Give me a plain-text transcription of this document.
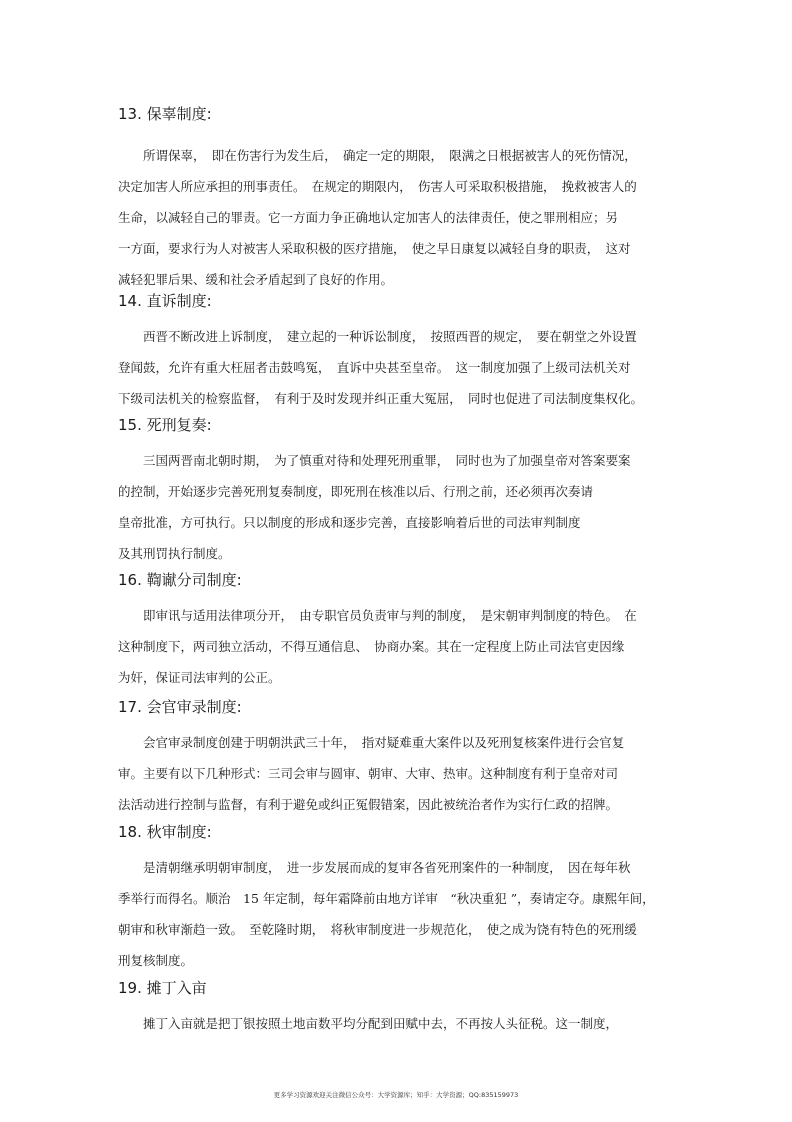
13. 保辜制度:
　　所谓保辜，　即在伤害行为发生后，　确定一定的期限，　限满之日根据被害人的死伤情况，
决定加害人所应承担的刑事责任。　在规定的期限内，　伤害人可采取积极措施，　挽救被害人的
生命，以减轻自己的罪责。它一方面力争正确地认定加害人的法律责任，使之罪刑相应；另
一方面，要求行为人对被害人采取积极的医疗措施，　使之早日康复以减轻自身的职责，　这对
减轻犯罪后果、缓和社会矛盾起到了良好的作用。
14. 直诉制度:
　　西晋不断改进上诉制度，　建立起的一种诉讼制度，　按照西晋的规定，　要在朝堂之外设置
登闻鼓，允许有重大枉屈者击鼓鸣冤，　直诉中央甚至皇帝。　这一制度加强了上级司法机关对
下级司法机关的检察监督，　有利于及时发现并纠正重大冤屈，　同时也促进了司法制度集权化。
15. 死刑复奏:
　　三国两晋南北朝时期，　为了慎重对待和处理死刑重罪，　同时也为了加强皇帝对答案要案
的控制，开始逐步完善死刑复奏制度，即死刑在核准以后、行刑之前，还必须再次奏请
皇帝批准，方可执行。只以制度的形成和逐步完善，直接影响着后世的司法审判制度
及其刑罚执行制度。
16. 鞫谳分司制度:
　　即审讯与适用法律项分开，　由专职官员负责审与判的制度，　是宋朝审判制度的特色。　在
这种制度下，两司独立活动，不得互通信息、　协商办案。其在一定程度上防止司法官吏因缘
为奸，保证司法审判的公正。
17. 会官审录制度:
　　会官审录制度创建于明朝洪武三十年，　指对疑难重大案件以及死刑复核案件进行会官复
审。主要有以下几种形式：三司会审与圆审、朝审、大审、热审。这种制度有利于皇帝对司
法活动进行控制与监督，有利于避免或纠正冤假错案，因此被统治者作为实行仁政的招牌。
18. 秋审制度:
　　是清朝继承明朝审制度，　进一步发展而成的复审各省死刑案件的一种制度，　因在每年秋
季举行而得名。顺治　15 年定制，每年霜降前由地方详审　“秋决重犯 ”，奏请定夺。康熙年间，
朝审和秋审渐趋一致。　至乾隆时期，　将秋审制度进一步规范化，　使之成为饶有特色的死刑缓
刑复核制度。
19. 摊丁入亩
　　摊丁入亩就是把丁银按照土地亩数平均分配到田赋中去，不再按人头征税。这一制度，
更多学习资源欢迎关注微信公众号：大学资源库；知乎：大学资源；QQ:835159973
